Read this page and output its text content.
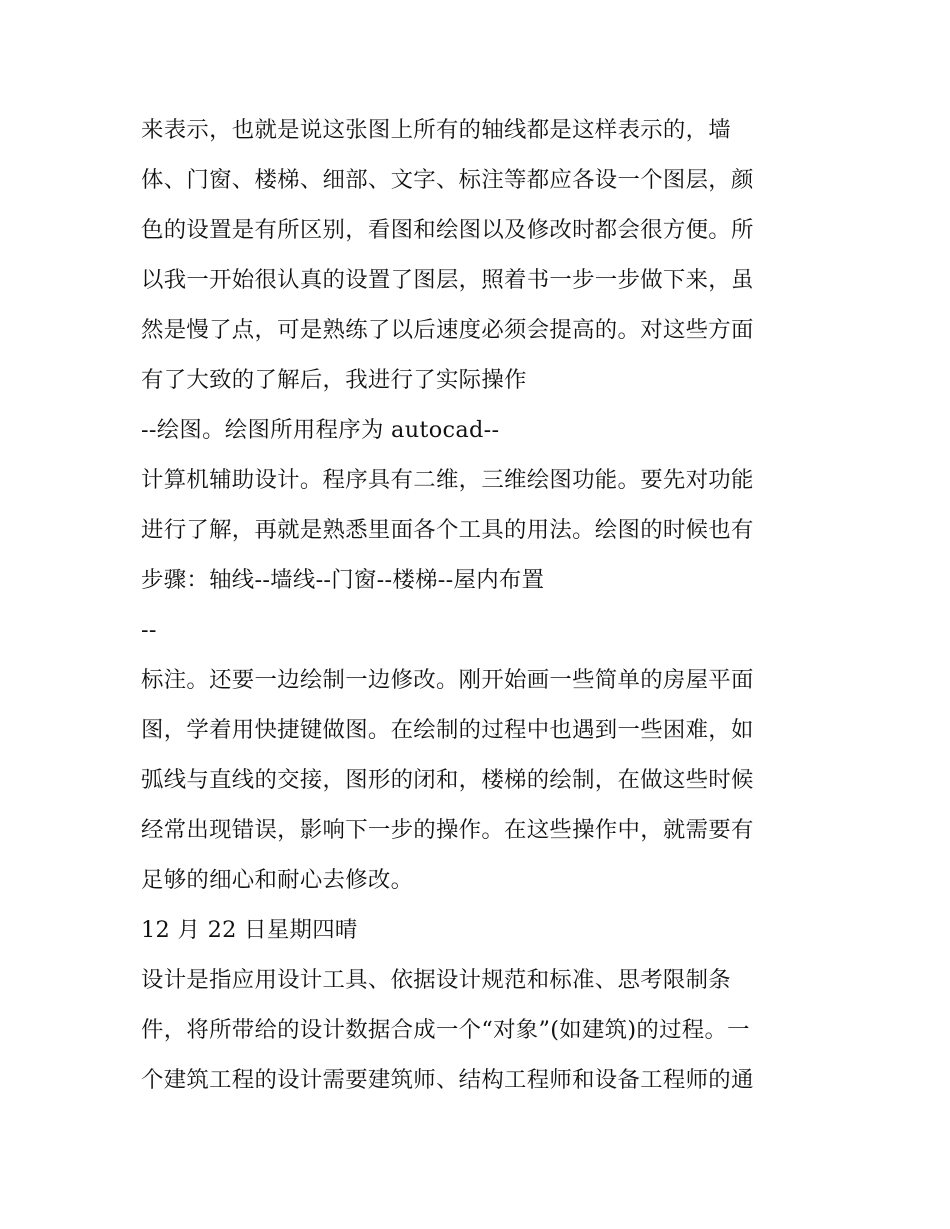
来表示，也就是说这张图上所有的轴线都是这样表示的，墙
体、门窗、楼梯、细部、文字、标注等都应各设一个图层，颜
色的设置是有所区别，看图和绘图以及修改时都会很方便。所
以我一开始很认真的设置了图层，照着书一步一步做下来，虽
然是慢了点，可是熟练了以后速度必须会提高的。对这些方面
有了大致的了解后，我进行了实际操作
--绘图。绘图所用程序为 autocad--
计算机辅助设计。程序具有二维，三维绘图功能。要先对功能
进行了解，再就是熟悉里面各个工具的用法。绘图的时候也有
步骤：轴线--墙线--门窗--楼梯--屋内布置
--
标注。还要一边绘制一边修改。刚开始画一些简单的房屋平面
图，学着用快捷键做图。在绘制的过程中也遇到一些困难，如
弧线与直线的交接，图形的闭和，楼梯的绘制，在做这些时候
经常出现错误，影响下一步的操作。在这些操作中，就需要有
足够的细心和耐心去修改。
12 月 22 日星期四晴
设计是指应用设计工具、依据设计规范和标准、思考限制条
件，将所带给的设计数据合成一个“对象”(如建筑)的过程。一
个建筑工程的设计需要建筑师、结构工程师和设备工程师的通
